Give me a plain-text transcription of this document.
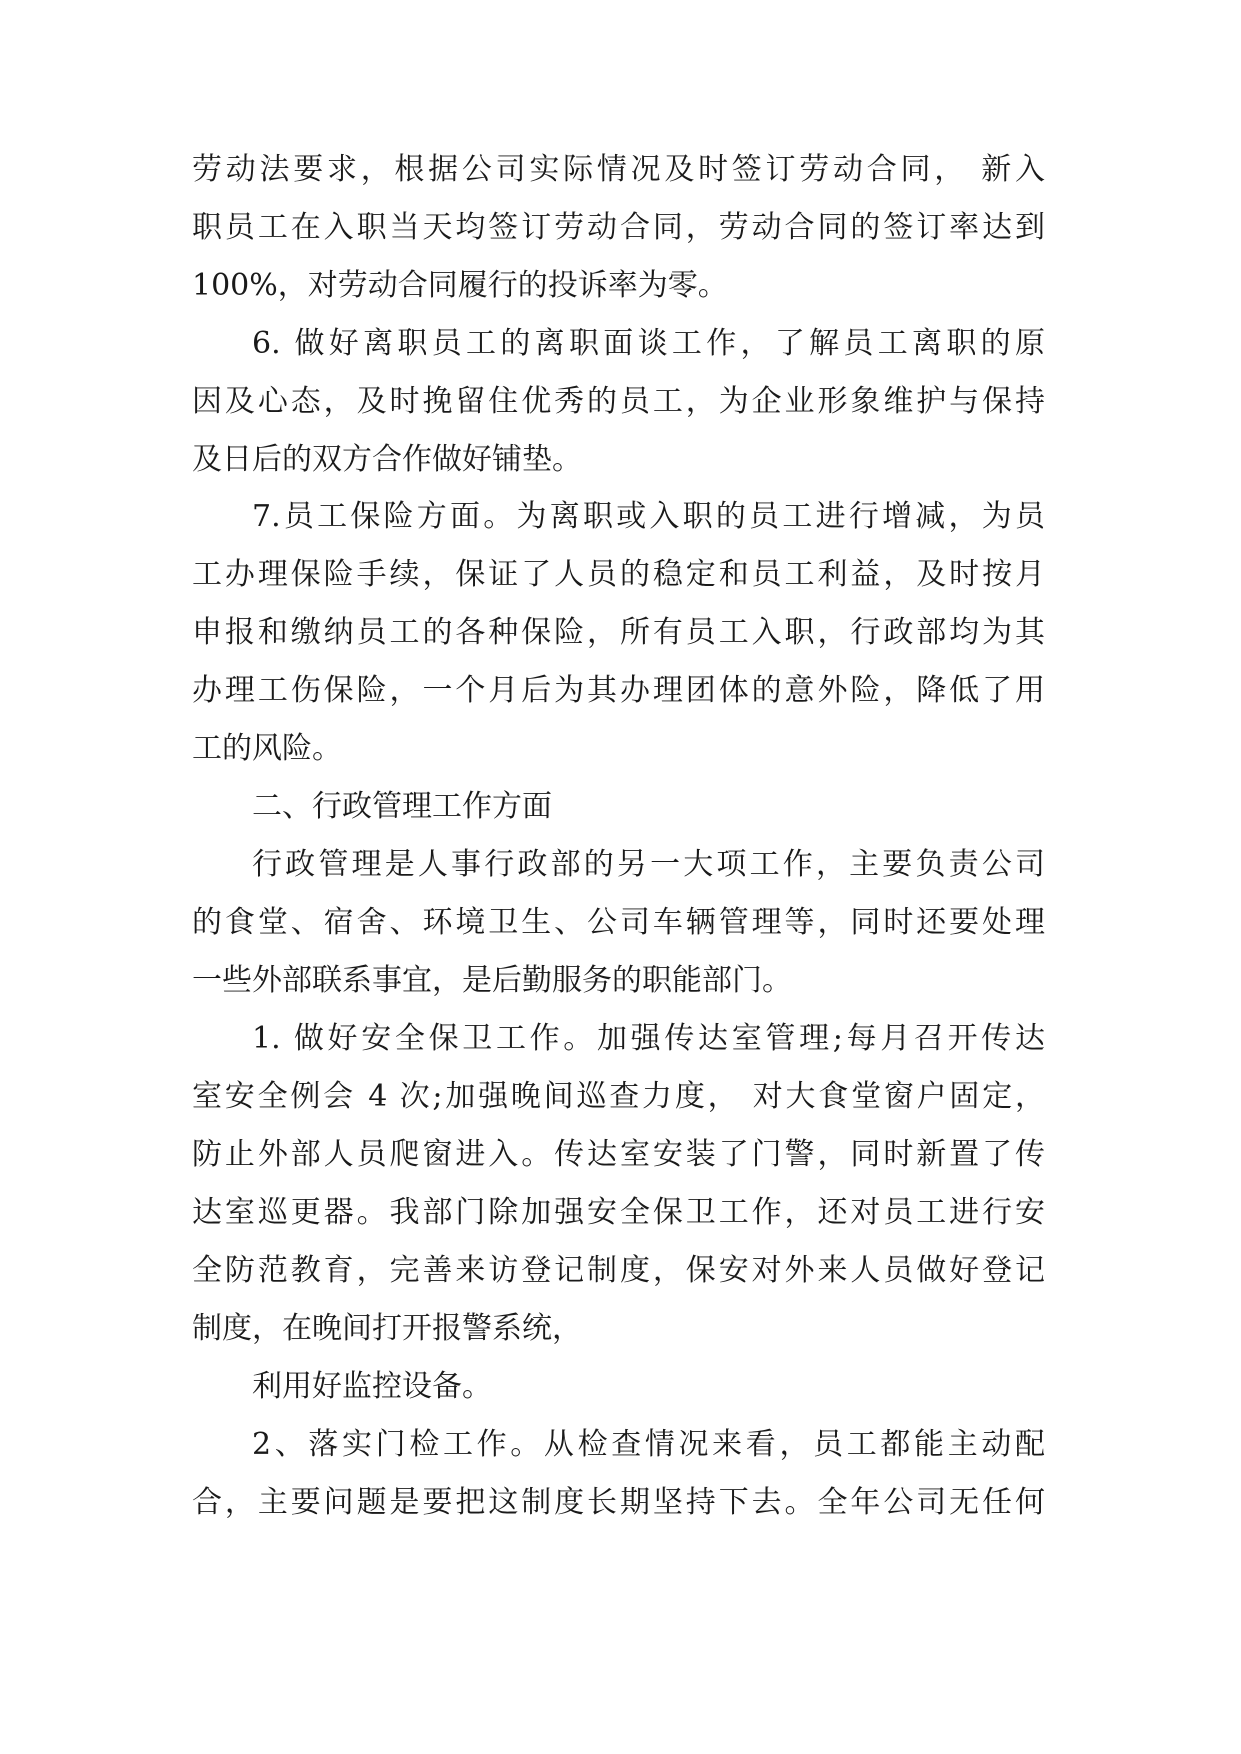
劳动法要求，根据公司实际情况及时签订劳动合同， 新入
职员工在入职当天均签订劳动合同，劳动合同的签订率达到
100%，对劳动合同履行的投诉率为零。
6. 做好离职员工的离职面谈工作，了解员工离职的原
因及心态，及时挽留住优秀的员工，为企业形象维护与保持
及日后的双方合作做好铺垫。
7.员工保险方面。为离职或入职的员工进行增减，为员
工办理保险手续，保证了人员的稳定和员工利益，及时按月
申报和缴纳员工的各种保险，所有员工入职，行政部均为其
办理工伤保险，一个月后为其办理团体的意外险，降低了用
工的风险。
二、行政管理工作方面
行政管理是人事行政部的另一大项工作，主要负责公司
的食堂、宿舍、环境卫生、公司车辆管理等，同时还要处理
一些外部联系事宜，是后勤服务的职能部门。
1. 做好安全保卫工作。加强传达室管理;每月召开传达
室安全例会 4 次;加强晚间巡查力度， 对大食堂窗户固定，
防止外部人员爬窗进入。传达室安装了门警，同时新置了传
达室巡更器。我部门除加强安全保卫工作，还对员工进行安
全防范教育，完善来访登记制度，保安对外来人员做好登记
制度，在晚间打开报警系统，
利用好监控设备。
2、落实门检工作。从检查情况来看，员工都能主动配
合，主要问题是要把这制度长期坚持下去。全年公司无任何
